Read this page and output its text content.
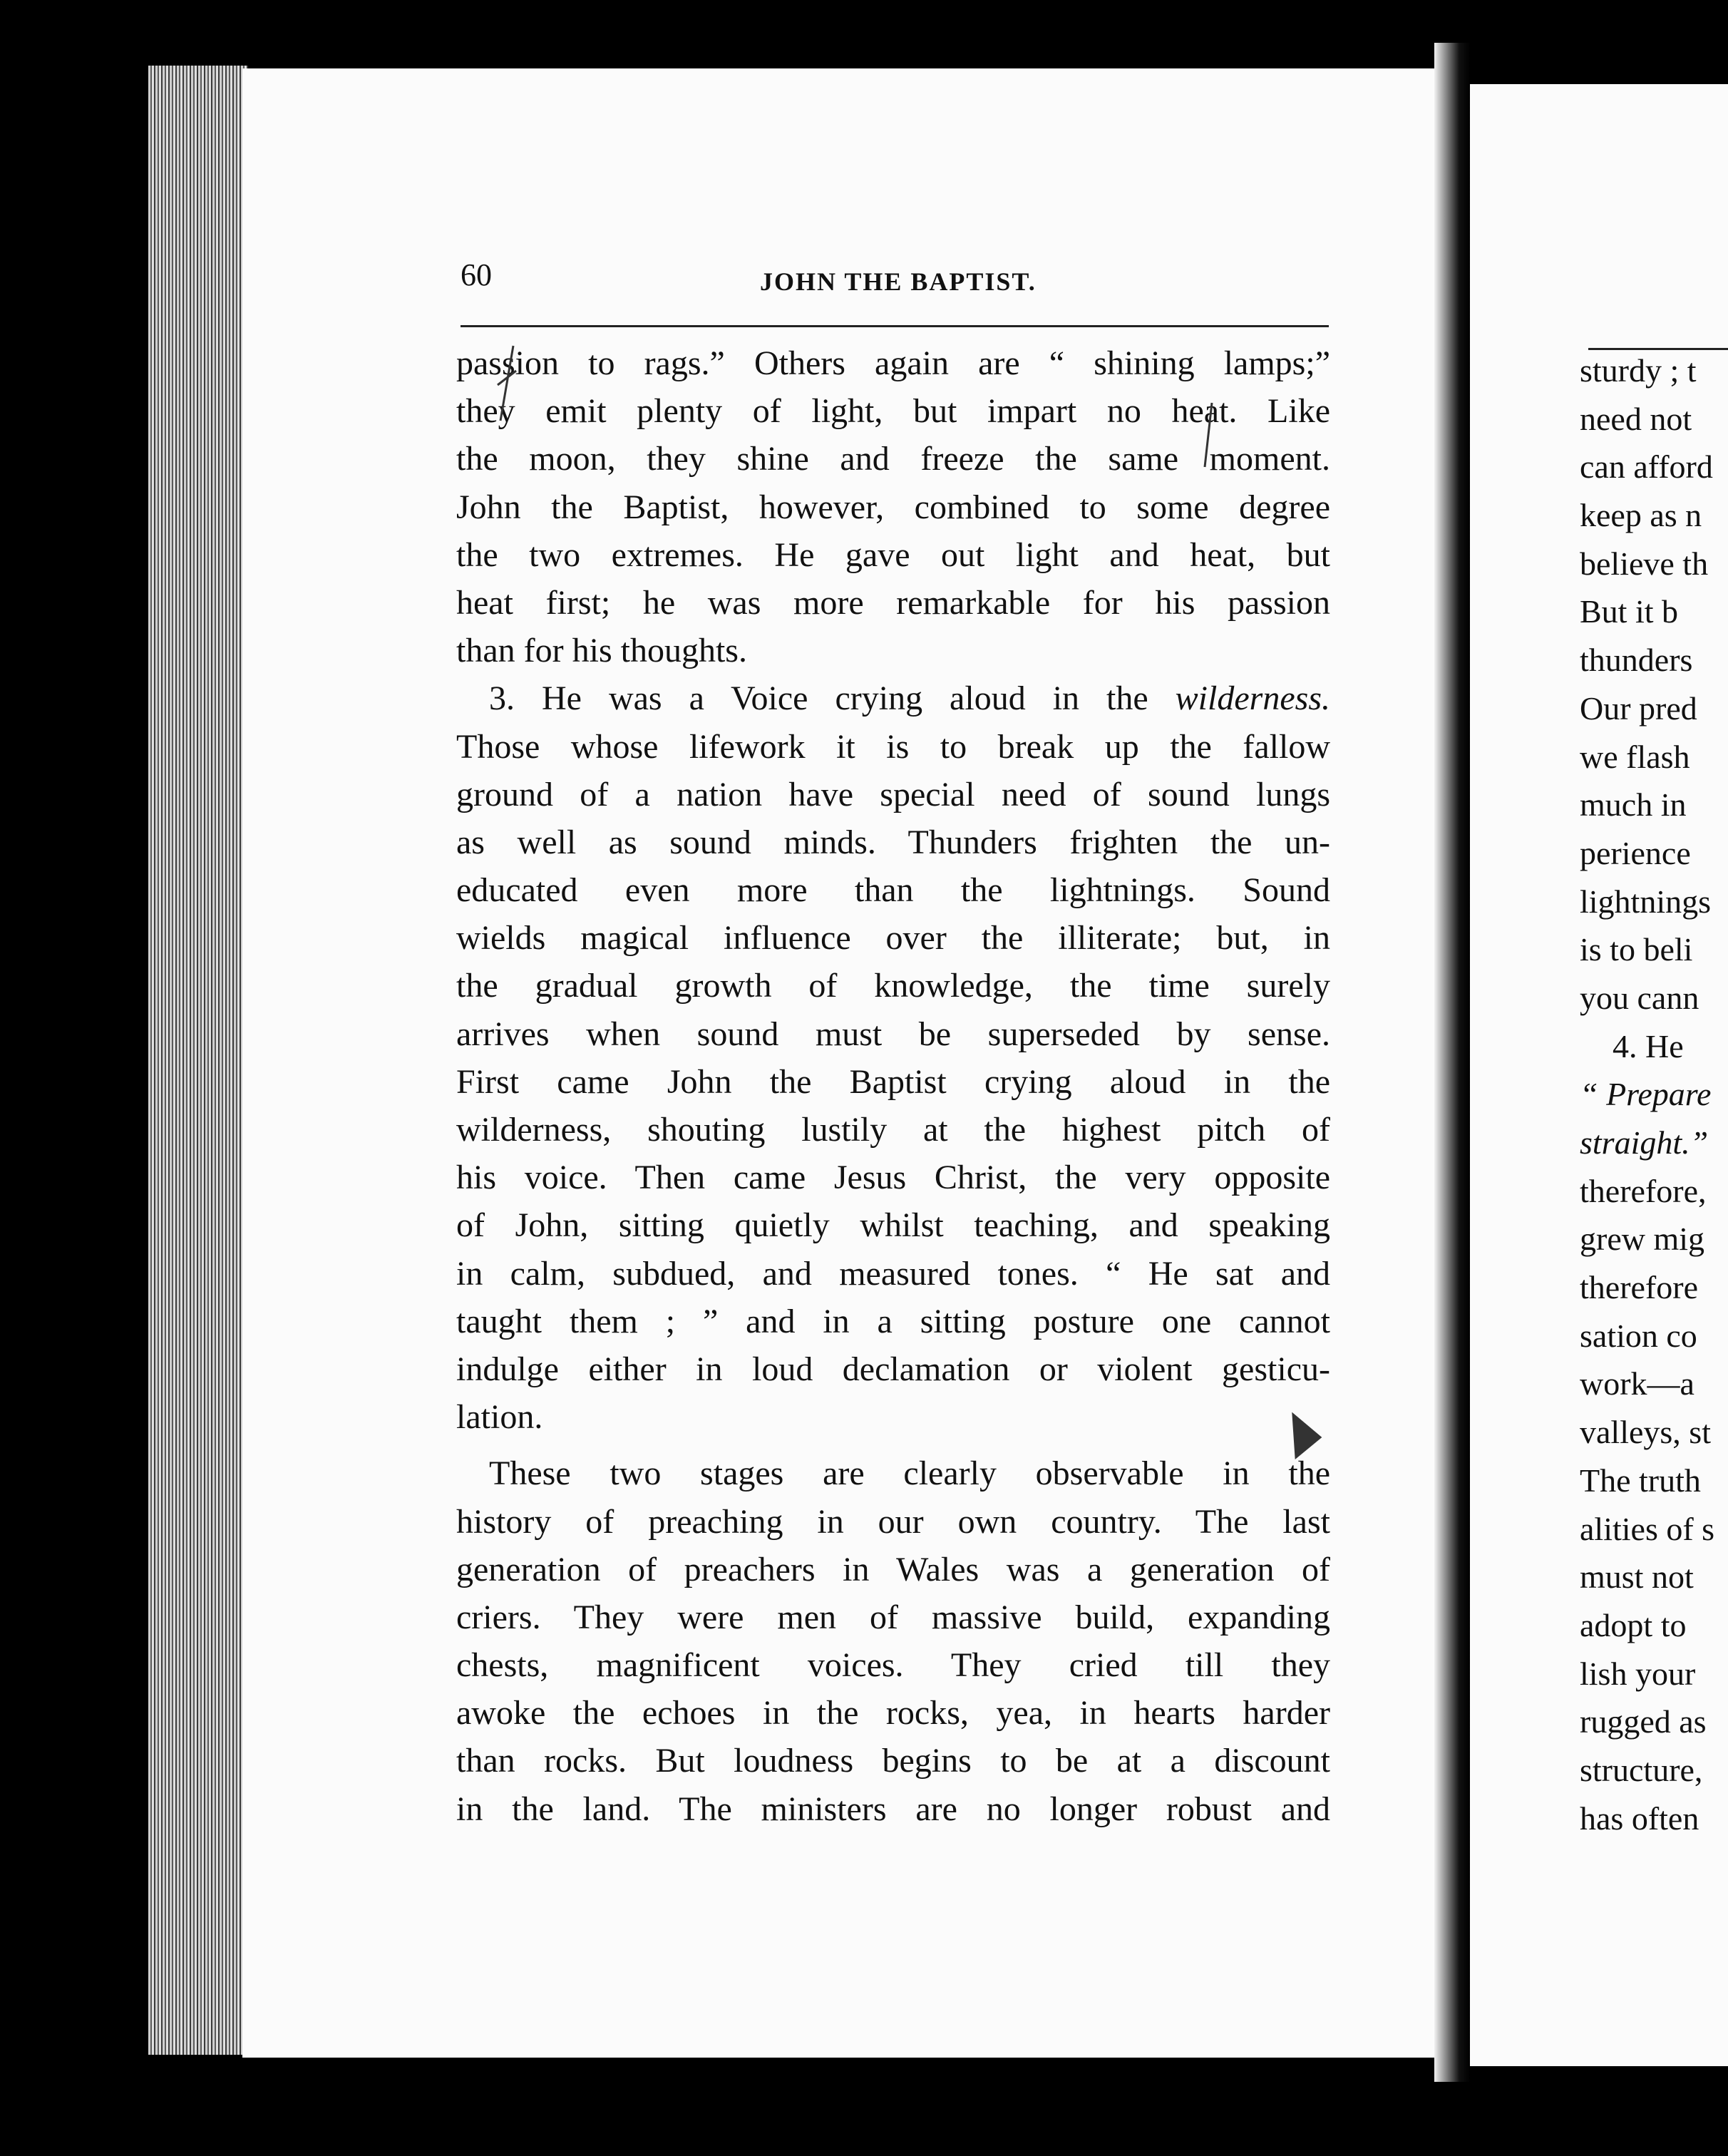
60	JOHN THE BAPTIST.
passion to rags.” Others again are “ shining lamps;”
they emit plenty of light, but impart no heat. Like
the moon, they shine and freeze the same moment.
John the Baptist, however, combined to some degree
the two extremes. He gave out light and heat, but
heat first; he was more remarkable for his passion
than for his thoughts.
3. He was a Voice crying aloud in the wilderness.
Those whose lifework it is to break up the fallow
ground of a nation have special need of sound lungs
as well as sound minds. Thunders frighten the un-
educated even more than the lightnings. Sound
wields magical influence over the illiterate; but, in
the gradual growth of knowledge, the time surely
arrives when sound must be superseded by sense.
First came John the Baptist crying aloud in the
wilderness, shouting lustily at the highest pitch of
his voice. Then came Jesus Christ, the very opposite
of John, sitting quietly whilst teaching, and speaking
in calm, subdued, and measured tones. “ He sat and
taught them ; ” and in a sitting posture one cannot
indulge either in loud declamation or violent gesticu-
lation.
These two stages are clearly observable in the
history of preaching in our own country. The last
generation of preachers in Wales was a generation of
criers. They were men of massive build, expanding
chests, magnificent voices. They cried till they
awoke the echoes in the rocks, yea, in hearts harder
than rocks. But loudness begins to be at a discount
in the land. The ministers are no longer robust and
sturdy ; t
need not
can afford
keep as n
believe th
But it b
thunders
Our pred
we flash
much in
perience
lightnings
is to beli
you cann
4. He
“ Prepare
straight.”
therefore,
grew mig
therefore
sation co
work—a
valleys, st
The truth
alities of s
must not
adopt to
lish your
rugged as
structure,
has often
